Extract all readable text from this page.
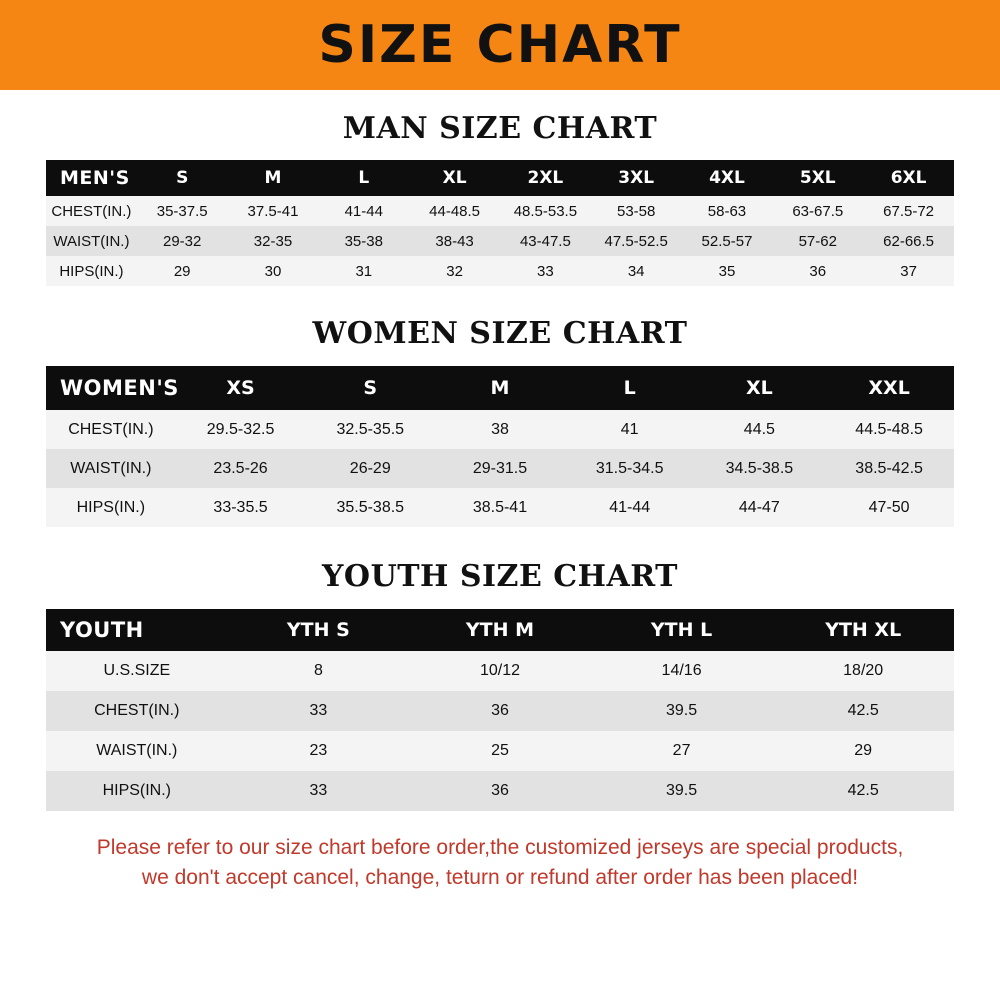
SIZE CHART
MAN SIZE CHART
MEN'S	S	M	L	XL	2XL	3XL	4XL	5XL	6XL
CHEST(IN.)	35-37.5	37.5-41	41-44	44-48.5	48.5-53.5	53-58	58-63	63-67.5	67.5-72
WAIST(IN.)	29-32	32-35	35-38	38-43	43-47.5	47.5-52.5	52.5-57	57-62	62-66.5
HIPS(IN.)	29	30	31	32	33	34	35	36	37
WOMEN SIZE CHART
WOMEN'S	XS	S	M	L	XL	XXL
CHEST(IN.)	29.5-32.5	32.5-35.5	38	41	44.5	44.5-48.5
WAIST(IN.)	23.5-26	26-29	29-31.5	31.5-34.5	34.5-38.5	38.5-42.5
HIPS(IN.)	33-35.5	35.5-38.5	38.5-41	41-44	44-47	47-50
YOUTH SIZE CHART
YOUTH	YTH S	YTH M	YTH L	YTH XL
U.S.SIZE	8	10/12	14/16	18/20
CHEST(IN.)	33	36	39.5	42.5
WAIST(IN.)	23	25	27	29
HIPS(IN.)	33	36	39.5	42.5
Please refer to our size chart before order,the customized jerseys are special products,
we don't accept cancel, change, teturn or refund after order has been placed!
